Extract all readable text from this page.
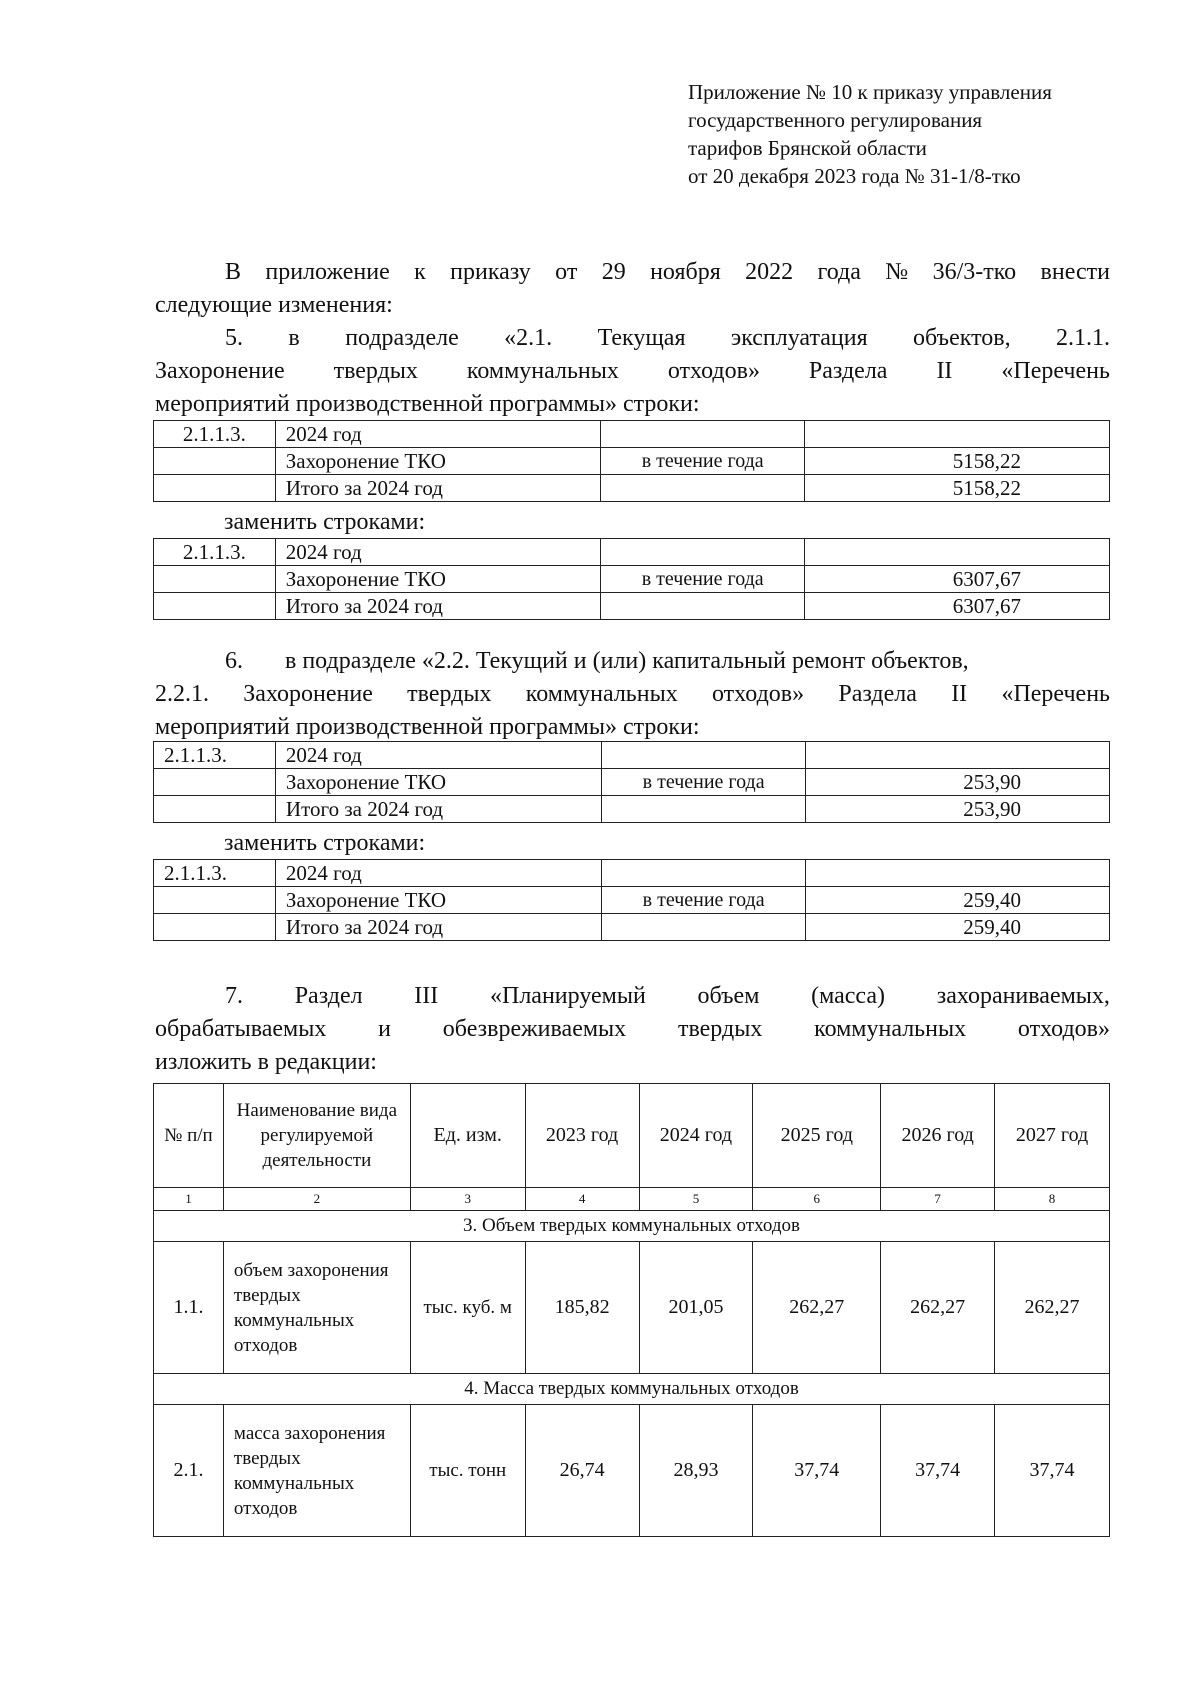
Приложение № 10 к приказу управления
государственного регулирования
тарифов Брянской области
от 20 декабря 2023 года № 31-1/8-тко
В приложение к приказу от 29 ноября 2022 года № 36/3-тко внести
следующие изменения:
5. в подразделе «2.1. Текущая эксплуатация объектов, 2.1.1.
Захоронение твердых коммунальных отходов» Раздела II «Перечень
мероприятий производственной программы» строки:
2.1.1.3.	2024 год		
	Захоронение ТКО	в течение года	5158,22
	Итого за 2024 год		5158,22
заменить строками:
2.1.1.3.	2024 год		
	Захоронение ТКО	в течение года	6307,67
	Итого за 2024 год		6307,67
6.       в подразделе «2.2. Текущий и (или) капитальный ремонт объектов,
2.2.1. Захоронение твердых коммунальных отходов» Раздела II «Перечень
мероприятий производственной программы» строки:
2.1.1.3.	2024 год		
	Захоронение ТКО	в течение года	253,90
	Итого за 2024 год		253,90
заменить строками:
2.1.1.3.	2024 год		
	Захоронение ТКО	в течение года	259,40
	Итого за 2024 год		259,40
7. Раздел III «Планируемый объем (масса) захораниваемых,
обрабатываемых и обезвреживаемых твердых коммунальных отходов»
изложить в редакции:
№ п/п	Наименование вида регулируемой деятельности	Ед. изм.	2023 год	2024 год	2025 год	2026 год	2027 год
1	2	3	4	5	6	7	8
3. Объем твердых коммунальных отходов							
1.1.	объем захоронения твердых коммунальных отходов	тыс. куб. м	185,82	201,05	262,27	262,27	262,27
4. Масса твердых коммунальных отходов							
2.1.	масса захоронения твердых коммунальных отходов	тыс. тонн	26,74	28,93	37,74	37,74	37,74
